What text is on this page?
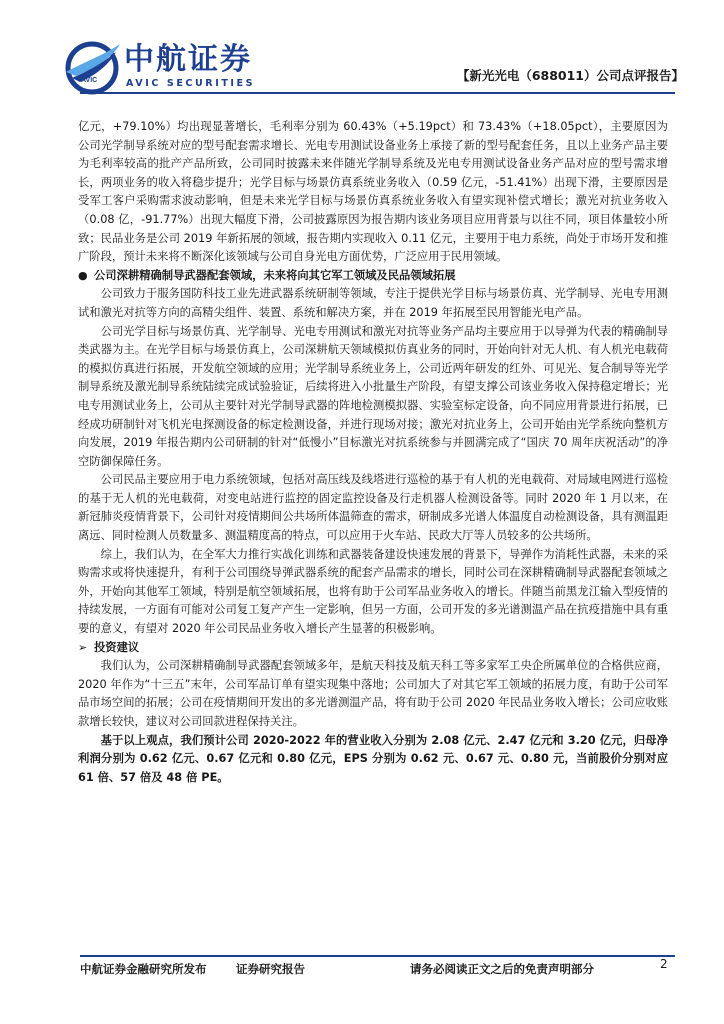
AVIC
中航证券
AVIC SECURITIES
【新光光电（688011）公司点评报告】

亿元，+79.10%）均出现显著增长，毛利率分别为 60.43%（+5.19pct）和 73.43%（+18.05pct），主要原因为公司光学制导系统对应的型号配套需求增长、光电专用测试设备业务上承接了新的型号配套任务，且以上业务产品主要为毛利率较高的批产产品所致，公司同时披露未来伴随光学制导系统及光电专用测试设备业务产品对应的型号需求增长，两项业务的收入将稳步提升；光学目标与场景仿真系统业务收入（0.59 亿元，-51.41%）出现下滑，主要原因是受军工客户采购需求波动影响，但是未来光学目标与场景仿真系统业务收入有望实现补偿式增长；激光对抗业务收入（0.08 亿，-91.77%）出现大幅度下滑，公司披露原因为报告期内该业务项目应用背景与以往不同，项目体量较小所致；民品业务是公司 2019 年新拓展的领域，报告期内实现收入 0.11 亿元，主要用于电力系统，尚处于市场开发和推广阶段，预计未来将不断深化该领域与公司自身光电方面优势，广泛应用于民用领域。

● 公司深耕精确制导武器配套领域，未来将向其它军工领域及民品领域拓展

公司致力于服务国防科技工业先进武器系统研制等领域，专注于提供光学目标与场景仿真、光学制导、光电专用测试和激光对抗等方向的高精尖组件、装置、系统和解决方案，并在 2019 年拓展至民用智能光电产品。

公司光学目标与场景仿真、光学制导、光电专用测试和激光对抗等业务产品均主要应用于以导弹为代表的精确制导类武器为主。在光学目标与场景仿真上，公司深耕航天领域模拟仿真业务的同时，开始向针对无人机、有人机光电载荷的模拟仿真进行拓展，开发航空领域的应用；光学制导系统业务上，公司近两年研发的红外、可见光、复合制导等光学制导系统及激光制导系统陆续完成试验验证，后续将进入小批量生产阶段，有望支撑公司该业务收入保持稳定增长；光电专用测试业务上，公司从主要针对光学制导武器的阵地检测模拟器、实验室标定设备，向不同应用背景进行拓展，已经成功研制针对飞机光电探测设备的标定检测设备，并进行现场对接；激光对抗业务上，公司开始由光学系统向整机方向发展，2019 年报告期内公司研制的针对“低慢小”目标激光对抗系统参与并圆满完成了“国庆 70 周年庆祝活动”的净空防御保障任务。

公司民品主要应用于电力系统领域，包括对高压线及线塔进行巡检的基于有人机的光电载荷、对局域电网进行巡检的基于无人机的光电载荷，对变电站进行监控的固定监控设备及行走机器人检测设备等。同时 2020 年 1 月以来，在新冠肺炎疫情背景下，公司针对疫情期间公共场所体温筛查的需求，研制成多光谱人体温度自动检测设备，具有测温距离远、同时检测人员数量多、测温精度高的特点，可以应用于火车站、民政大厅等人员较多的公共场所。

综上，我们认为，在全军大力推行实战化训练和武器装备建设快速发展的背景下，导弹作为消耗性武器，未来的采购需求或将快速提升，有利于公司围绕导弹武器系统的配套产品需求的增长，同时公司在深耕精确制导武器配套领域之外，开始向其他军工领域，特别是航空领域拓展，也将有助于公司军品业务收入的增长。伴随当前黑龙江输入型疫情的持续发展，一方面有可能对公司复工复产产生一定影响，但另一方面，公司开发的多光谱测温产品在抗疫措施中具有重要的意义，有望对 2020 年公司民品业务收入增长产生显著的积极影响。

➢ 投资建议

我们认为，公司深耕精确制导武器配套领域多年，是航天科技及航天科工等多家军工央企所属单位的合格供应商，2020 年作为“十三五”末年，公司军品订单有望实现集中落地；公司加大了对其它军工领域的拓展力度，有助于公司军品市场空间的拓展；公司在疫情期间开发出的多光谱测温产品，将有助于公司 2020 年民品业务收入增长；公司应收账款增长较快，建议对公司回款进程保持关注。

基于以上观点，我们预计公司 2020-2022 年的营业收入分别为 2.08 亿元、2.47 亿元和 3.20 亿元，归母净利润分别为 0.62 亿元、0.67 亿元和 0.80 亿元，EPS 分别为 0.62 元、0.67 元、0.80 元，当前股价分别对应 61 倍、57 倍及 48 倍 PE。

中航证券金融研究所发布	证券研究报告	请务必阅读正文之后的免责声明部分	2
